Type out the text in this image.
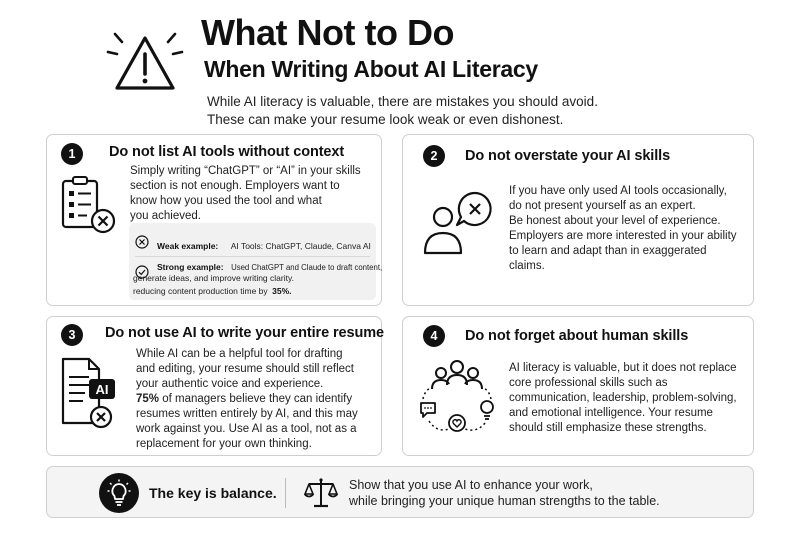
What Not to Do
When Writing About AI Literacy
While AI literacy is valuable, there are mistakes you should avoid.
These can make your resume look weak or even dishonest.
1	Do not list AI tools without context
Simply writing “ChatGPT” or “AI” in your skills
section is not enough. Employers want to
know how you used the tool and what
you achieved.
Weak example: AI Tools: ChatGPT, Claude, Canva AI
Strong example: Used ChatGPT and Claude to draft content,
generate ideas, and improve writing clarity.
reducing content production time by 35%.
2	Do not overstate your AI skills
If you have only used AI tools occasionally,
do not present yourself as an expert.
Be honest about your level of experience.
Employers are more interested in your ability
to learn and adapt than in exaggerated
claims.
3	Do not use AI to write your entire resume
AI
While AI can be a helpful tool for drafting
and editing, your resume should still reflect
your authentic voice and experience.
75% of managers believe they can identify
resumes written entirely by AI, and this may
work against you. Use AI as a tool, not as a
replacement for your own thinking.
4	Do not forget about human skills
AI literacy is valuable, but it does not replace
core professional skills such as
communication, leadership, problem-solving,
and emotional intelligence. Your resume
should still emphasize these strengths.
The key is balance.	Show that you use AI to enhance your work,
while bringing your unique human strengths to the table.
